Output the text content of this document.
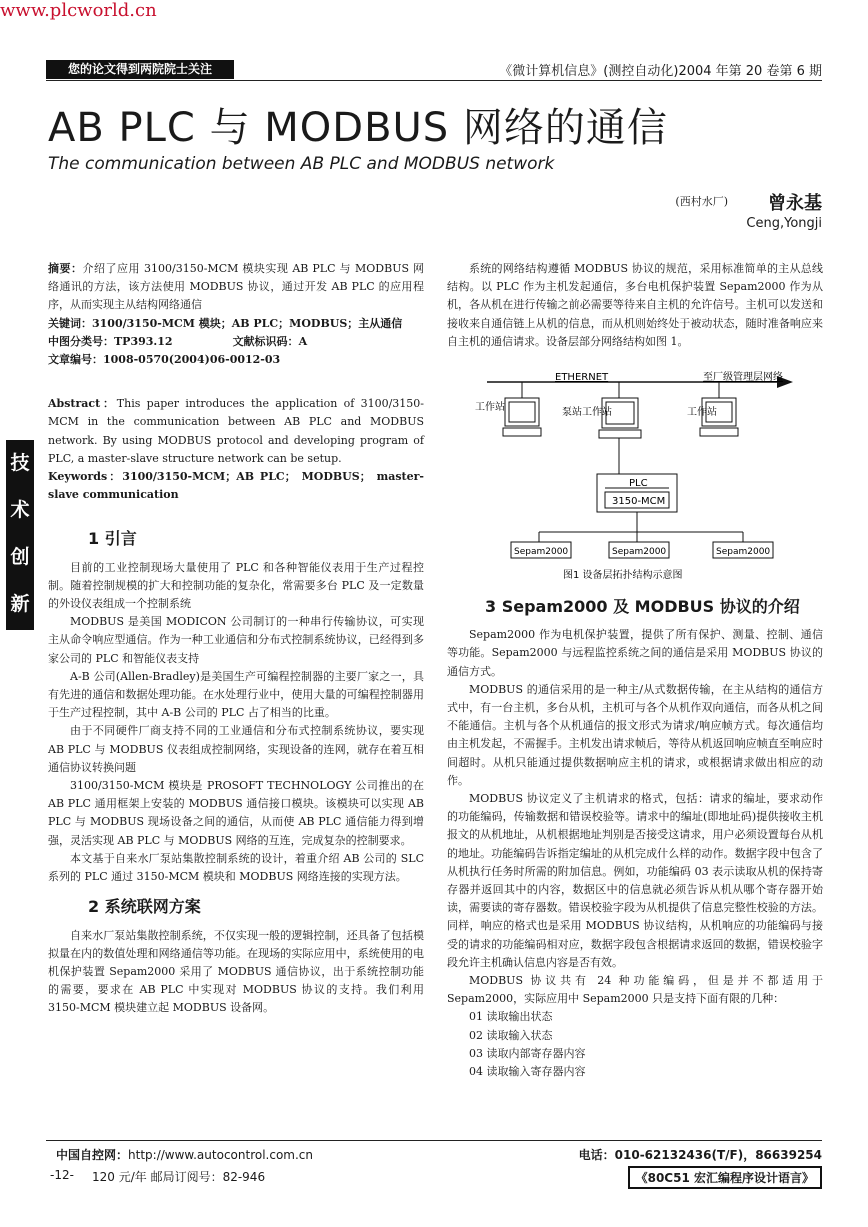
www.plcworld.cn
您的论文得到两院院士关注	《微计算机信息》(测控自动化)2004 年第 20 卷第 6 期
AB PLC 与 MODBUS 网络的通信
The communication between AB PLC and MODBUS network
(西村水厂) 曾永基
Ceng,Yongji
技
术
创
新

摘要：介绍了应用 3100/3150-MCM 模块实现 AB PLC 与 MODBUS 网络通讯的方法，该方法使用 MODBUS 协议，通过开发 AB PLC 的应用程序，从而实现主从结构网络通信

关键词：3100/3150-MCM 模块；AB PLC；MODBUS；主从通信

中图分类号：TP393.12	文献标识码：A

文章编号：1008-0570(2004)06-0012-03

Abstract：This paper introduces the application of 3100/3150-MCM in the communication between AB PLC and MODBUS network. By using MODBUS protocol and developing program of PLC, a master-slave structure network can be setup.

Keywords：3100/3150-MCM；AB PLC； MODBUS； master-slave communication

1 引言

目前的工业控制现场大量使用了 PLC 和各种智能仪表用于生产过程控制。随着控制规模的扩大和控制功能的复杂化，常需要多台 PLC 及一定数量的外设仪表组成一个控制系统

MODBUS 是美国 MODICON 公司制订的一种串行传输协议，可实现主从命令响应型通信。作为一种工业通信和分布式控制系统协议，已经得到多家公司的 PLC 和智能仪表支持

A-B 公司(Allen-Bradley)是美国生产可编程控制器的主要厂家之一，具有先进的通信和数据处理功能。在水处理行业中，使用大量的可编程控制器用于生产过程控制，其中 A-B 公司的 PLC 占了相当的比重。

由于不同硬件厂商支持不同的工业通信和分布式控制系统协议，要实现 AB PLC 与 MODBUS 仪表组成控制网络，实现设备的连网，就存在着互相通信协议转换问题

3100/3150-MCM 模块是 PROSOFT TECHNOLOGY 公司推出的在 AB PLC 通用框架上安装的 MODBUS 通信接口模块。该模块可以实现 AB PLC 与 MODBUS 现场设备之间的通信，从而使 AB PLC 通信能力得到增强，灵活实现 AB PLC 与 MODBUS 网络的互连，完成复杂的控制要求。

本文基于自来水厂泵站集散控制系统的设计，着重介绍 AB 公司的 SLC 系列的 PLC 通过 3150-MCM 模块和 MODBUS 网络连接的实现方法。

2 系统联网方案

自来水厂泵站集散控制系统，不仅实现一般的逻辑控制，还具备了包括模拟量在内的数值处理和网络通信等功能。在现场的实际应用中，系统使用的电机保护装置 Sepam2000 采用了 MODBUS 通信协议，出于系统控制功能的需要，要求在 AB PLC 中实现对 MODBUS 协议的支持。我们利用 3150-MCM 模块建立起 MODBUS 设备网。

系统的网络结构遵循 MODBUS 协议的规范，采用标准简单的主从总线结构。以 PLC 作为主机发起通信，多台电机保护装置 Sepam2000 作为从机，各从机在进行传输之前必需要等待来自主机的允许信号。主机可以发送和接收来自通信链上从机的信息，而从机则始终处于被动状态，随时准备响应来自主机的通信请求。设备层部分网络结构如图 1。

ETHERNET	至厂级管理层网络
工作站	泵站工作站	工作站
PLC
3150-MCM
Sepam2000	Sepam2000	Sepam2000
图1 设备层拓扑结构示意图
3 Sepam2000 及 MODBUS 协议的介绍

Sepam2000 作为电机保护装置，提供了所有保护、测量、控制、通信等功能。Sepam2000 与远程监控系统之间的通信是采用 MODBUS 协议的通信方式。

MODBUS 的通信采用的是一种主/从式数据传输，在主从结构的通信方式中，有一台主机，多台从机，主机可与各个从机作双向通信，而各从机之间不能通信。主机与各个从机通信的报文形式为请求/响应帧方式。每次通信均由主机发起，不需握手。主机发出请求帧后，等待从机返回响应帧直至响应时间超时。从机只能通过提供数据响应主机的请求，或根据请求做出相应的动作。

MODBUS 协议定义了主机请求的格式，包括：请求的编址，要求动作的功能编码，传输数据和错误校验等。请求中的编址(即地址码)提供接收主机报文的从机地址，从机根据地址判别是否接受这请求，用户必须设置每台从机的地址。功能编码告诉指定编址的从机完成什么样的动作。数据字段中包含了从机执行任务时所需的附加信息。例如，功能编码 03 表示读取从机的保持寄存器并返回其中的内容，数据区中的信息就必须告诉从机从哪个寄存器开始读，需要读的寄存器数。错误校验字段为从机提供了信息完整性校验的方法。同样，响应的格式也是采用 MODBUS 协议结构，从机响应的功能编码与接受的请求的功能编码相对应，数据字段包含根据请求返回的数据，错误校验字段允许主机确认信息内容是否有效。

MODBUS 协议共有 24 种功能编码，但是并不都适用于 Sepam2000，实际应用中 Sepam2000 只是支持下面有限的几种：

01 读取输出状态

02 读取输入状态

03 读取内部寄存器内容

04 读取输入寄存器内容

中国自控网：http://www.autocontrol.com.cn	电话：010-62132436(T/F)，86639254
-12- 120 元/年 邮局订阅号：82-946	《80C51 宏汇编程序设计语言》
